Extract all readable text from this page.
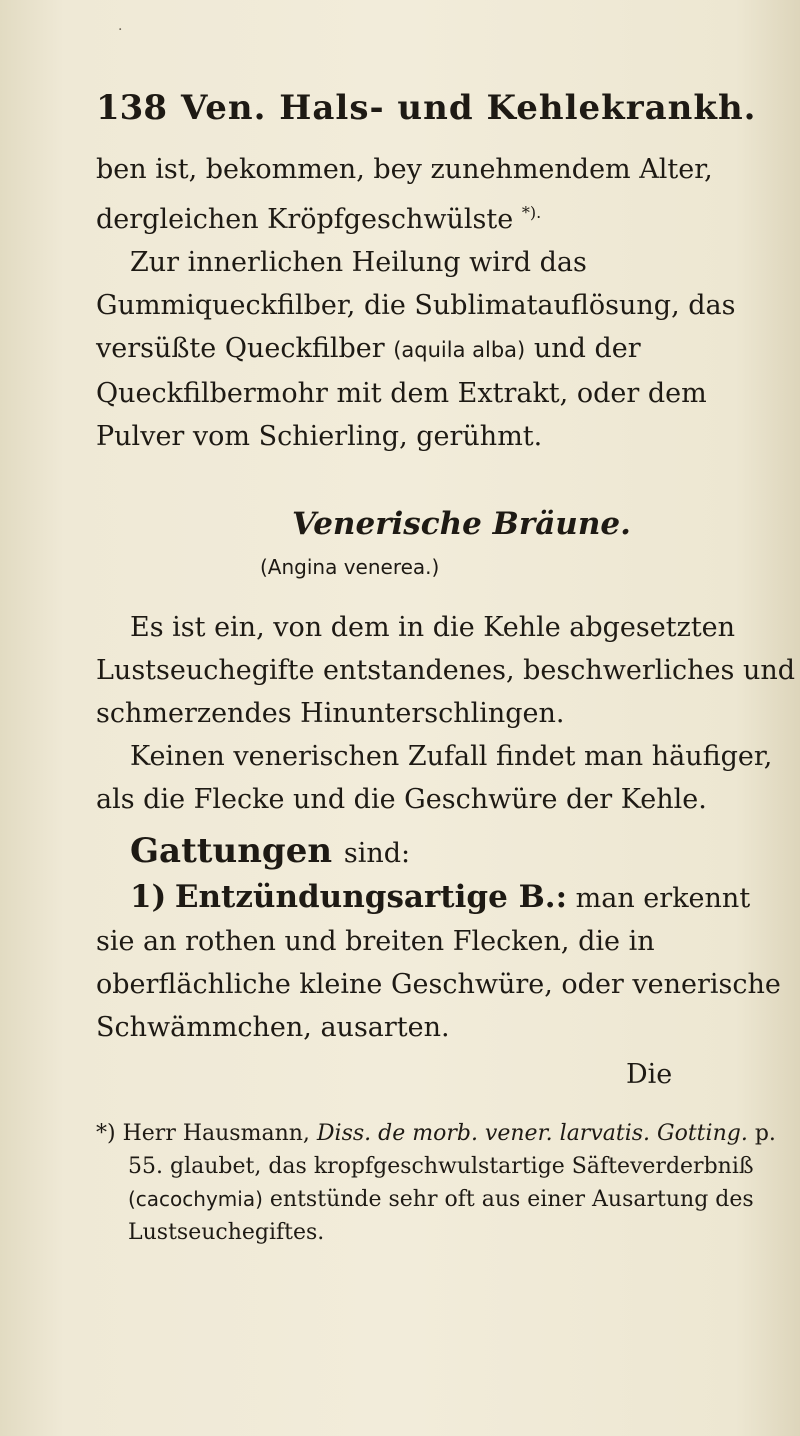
·
138 Ven. Hals- und Kehlekrankh.

ben ist, bekommen, bey zunehmendem Alter, dergleichen Kröpfgeschwülste *).

Zur innerlichen Heilung wird das Gummiqueckfilber, die Sublimatauflösung, das versüßte Queckfilber (aquila alba) und der Queckfilbermohr mit dem Extrakt, oder dem Pulver vom Schierling, gerühmt.

Venerische Bräune.
(Angina venerea.)

Es ist ein, von dem in die Kehle abgesetzten Lustseuchegifte entstandenes, beschwerliches und schmerzendes Hinunterschlingen.

Keinen venerischen Zufall findet man häufiger, als die Flecke und die Geschwüre der Kehle.

Gattungen sind:

1) Entzündungsartige B.: man erkennt sie an rothen und breiten Flecken, die in oberflächliche kleine Geschwüre, oder venerische Schwämmchen, ausarten.

Die

*) Herr Hausmann, Diss. de morb. vener. larvatis. Gotting. p. 55. glaubet, das kropfgeschwulstartige Säfteverderbniß (cacochymia) entstünde sehr oft aus einer Ausartung des Lustseuchegiftes.
